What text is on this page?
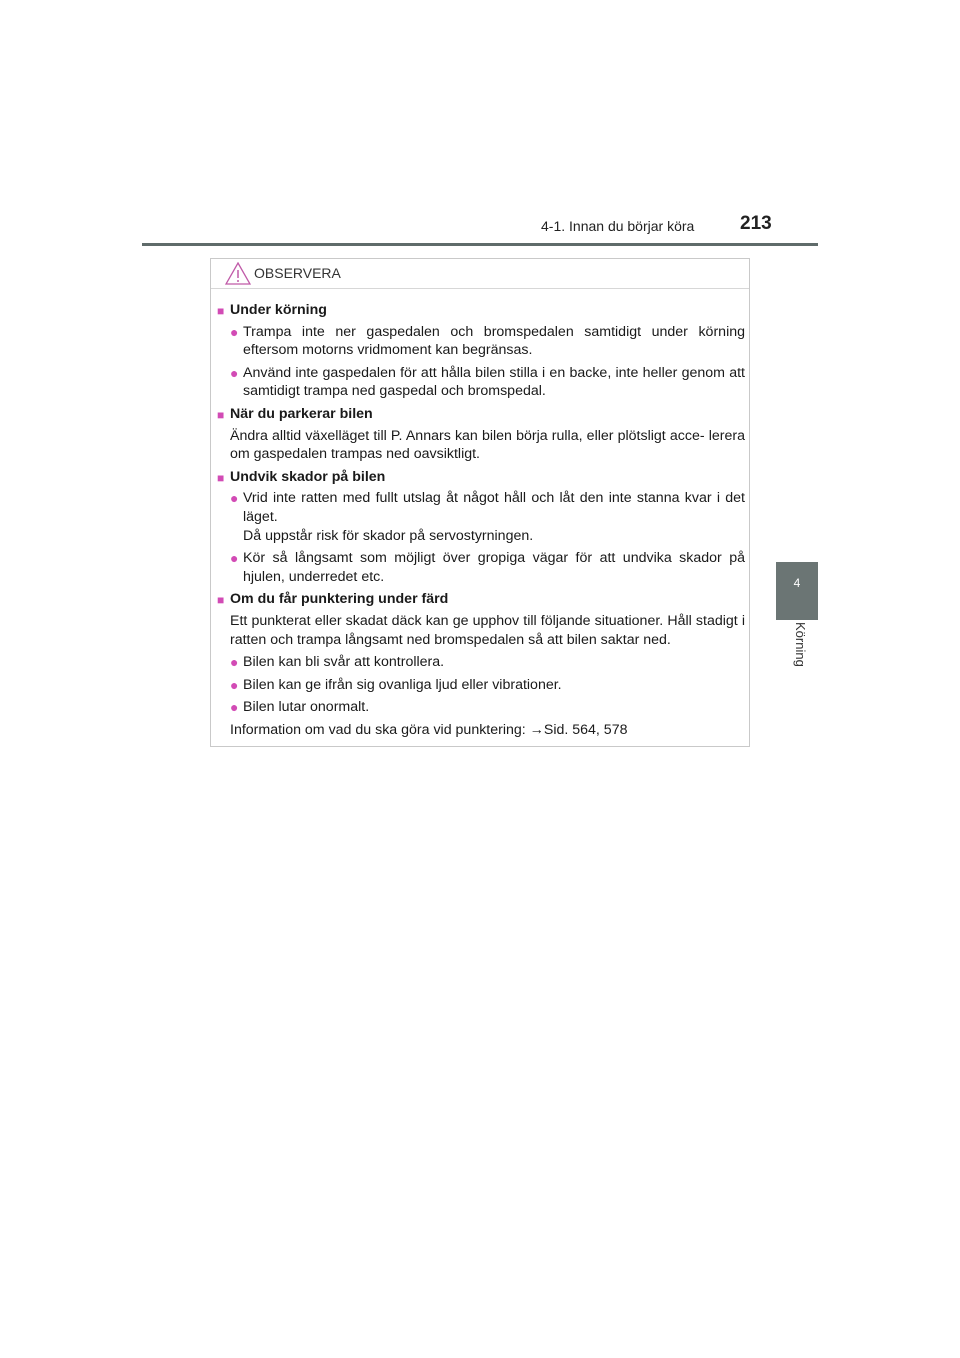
4-1. Innan du börjar köra 213
4
Körning
OBSERVERA
■ Under körning
● Trampa inte ner gaspedalen och bromspedalen samtidigt under körning eftersom motorns vridmoment kan begränsas.
● Använd inte gaspedalen för att hålla bilen stilla i en backe, inte heller genom att samtidigt trampa ned gaspedal och bromspedal.
■ När du parkerar bilen
Ändra alltid växelläget till P. Annars kan bilen börja rulla, eller plötsligt acce- lerera om gaspedalen trampas ned oavsiktligt.
■ Undvik skador på bilen
● Vrid inte ratten med fullt utslag åt något håll och låt den inte stanna kvar i det läget.
Då uppstår risk för skador på servostyrningen.
● Kör så långsamt som möjligt över gropiga vägar för att undvika skador på hjulen, underredet etc.
■ Om du får punktering under färd
Ett punkterat eller skadat däck kan ge upphov till följande situationer. Håll stadigt i ratten och trampa långsamt ned bromspedalen så att bilen saktar ned.
● Bilen kan bli svår att kontrollera.
● Bilen kan ge ifrån sig ovanliga ljud eller vibrationer.
● Bilen lutar onormalt.
Information om vad du ska göra vid punktering: →Sid. 564, 578
